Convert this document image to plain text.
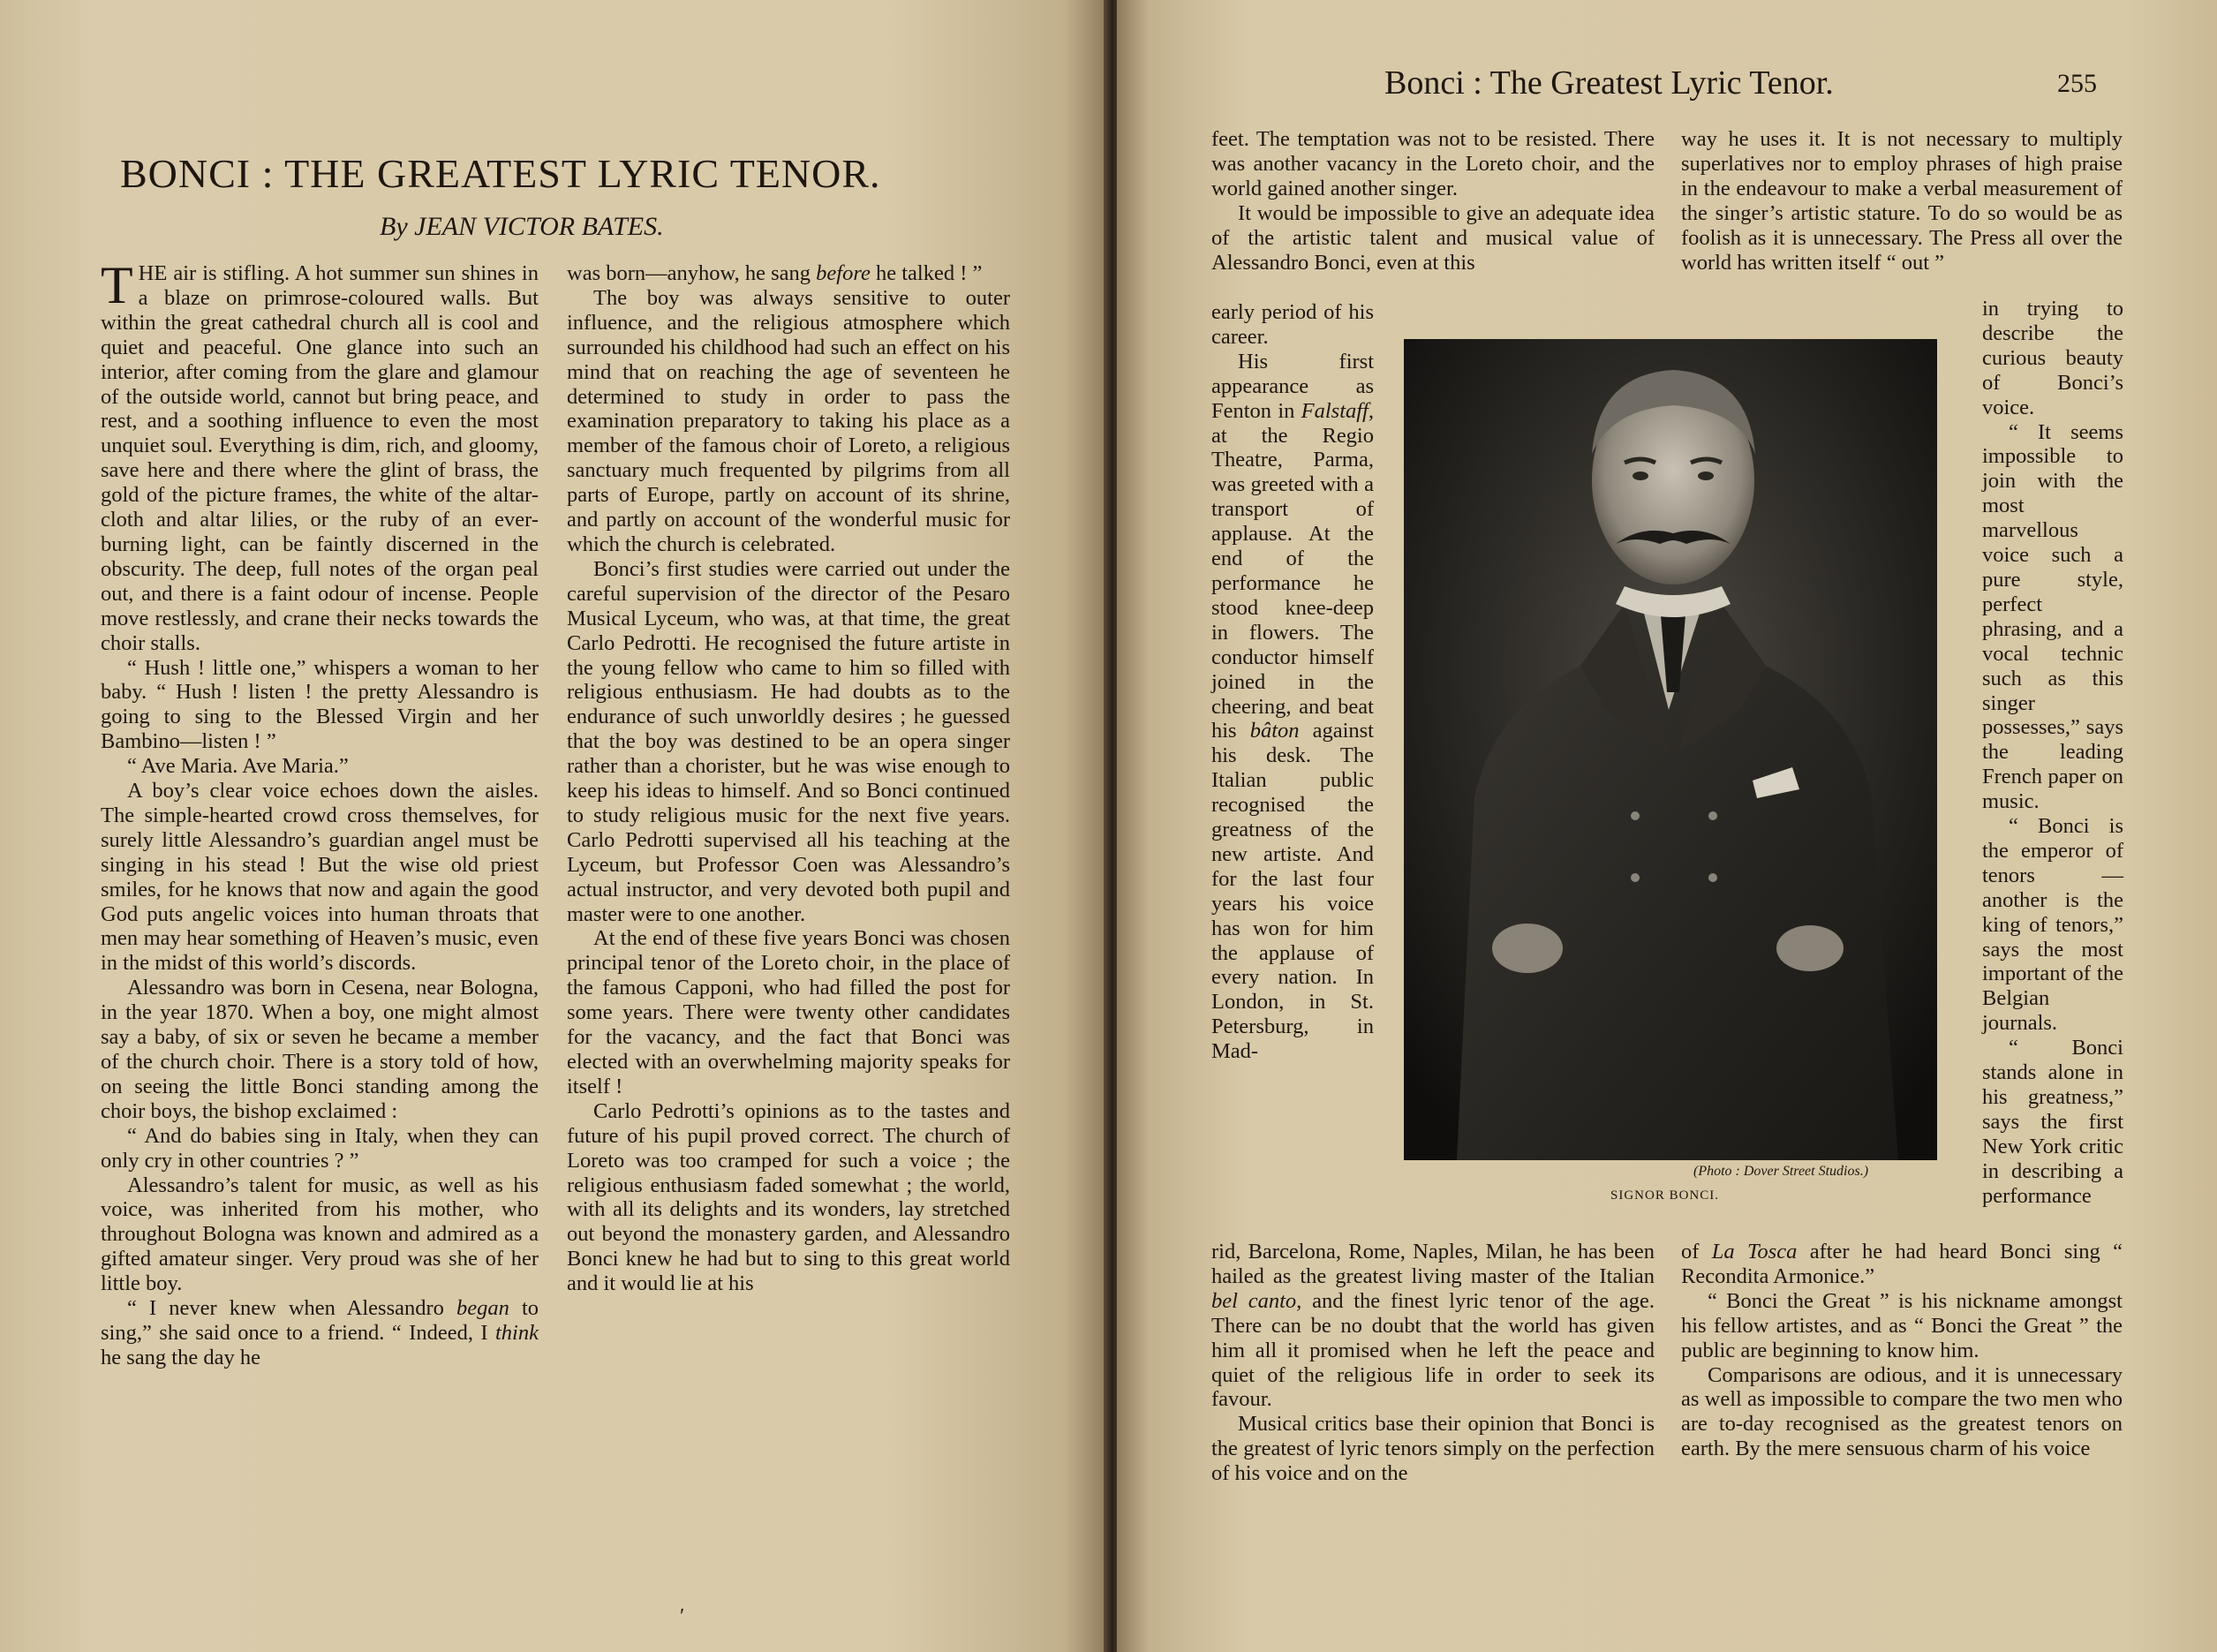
BONCI : THE GREATEST LYRIC TENOR.
By JEAN VICTOR BATES.

THE air is stifling. A hot summer sun shines in a blaze on primrose-coloured walls. But within the great cathedral church all is cool and quiet and peaceful. One glance into such an interior, after coming from the glare and glamour of the outside world, cannot but bring peace, and rest, and a soothing influence to even the most unquiet soul. Everything is dim, rich, and gloomy, save here and there where the glint of brass, the gold of the picture frames, the white of the altar-cloth and altar lilies, or the ruby of an ever-burning light, can be faintly discerned in the obscurity. The deep, full notes of the organ peal out, and there is a faint odour of incense. People move restlessly, and crane their necks towards the choir stalls.

“ Hush ! little one,” whispers a woman to her baby. “ Hush ! listen ! the pretty Alessandro is going to sing to the Blessed Virgin and her Bambino—listen ! ”

“ Ave Maria. Ave Maria.”

A boy’s clear voice echoes down the aisles. The simple-hearted crowd cross themselves, for surely little Alessandro’s guardian angel must be singing in his stead ! But the wise old priest smiles, for he knows that now and again the good God puts angelic voices into human throats that men may hear something of Heaven’s music, even in the midst of this world’s discords.

Alessandro was born in Cesena, near Bologna, in the year 1870. When a boy, one might almost say a baby, of six or seven he became a member of the church choir. There is a story told of how, on seeing the little Bonci standing among the choir boys, the bishop exclaimed :

“ And do babies sing in Italy, when they can only cry in other countries ? ”

Alessandro’s talent for music, as well as his voice, was inherited from his mother, who throughout Bologna was known and admired as a gifted amateur singer. Very proud was she of her little boy.

“ I never knew when Alessandro began to sing,” she said once to a friend. “ Indeed, I think he sang the day he

was born—anyhow, he sang before he talked ! ”

The boy was always sensitive to outer influence, and the religious atmosphere which surrounded his childhood had such an effect on his mind that on reaching the age of seventeen he determined to study in order to pass the examination preparatory to taking his place as a member of the famous choir of Loreto, a religious sanctuary much frequented by pilgrims from all parts of Europe, partly on account of its shrine, and partly on account of the wonderful music for which the church is celebrated.

Bonci’s first studies were carried out under the careful supervision of the director of the Pesaro Musical Lyceum, who was, at that time, the great Carlo Pedrotti. He recognised the future artiste in the young fellow who came to him so filled with religious enthusiasm. He had doubts as to the endurance of such unworldly desires ; he guessed that the boy was destined to be an opera singer rather than a chorister, but he was wise enough to keep his ideas to himself. And so Bonci continued to study religious music for the next five years. Carlo Pedrotti supervised all his teaching at the Lyceum, but Professor Coen was Alessandro’s actual instructor, and very devoted both pupil and master were to one another.

At the end of these five years Bonci was chosen principal tenor of the Loreto choir, in the place of the famous Capponi, who had filled the post for some years. There were twenty other candidates for the vacancy, and the fact that Bonci was elected with an overwhelming majority speaks for itself !

Carlo Pedrotti’s opinions as to the tastes and future of his pupil proved correct. The church of Loreto was too cramped for such a voice ; the religious enthusiasm faded somewhat ; the world, with all its delights and its wonders, lay stretched out beyond the monastery garden, and Alessandro Bonci knew he had but to sing to this great world and it would lie at his

′
Bonci : The Greatest Lyric Tenor.	255

feet. The temptation was not to be resisted. There was another vacancy in the Loreto choir, and the world gained another singer.

It would be impossible to give an adequate idea of the artistic talent and musical value of Alessandro Bonci, even at this

early period of his career.

His first appearance as Fenton in Falstaff, at the Regio Theatre, Parma, was greeted with a transport of applause. At the end of the performance he stood knee-deep in flowers. The conductor himself joined in the cheering, and beat his bâton against his desk. The Italian public recognised the greatness of the new artiste. And for the last four years his voice has won for him the applause of every nation. In London, in St. Petersburg, in Mad-

rid, Barcelona, Rome, Naples, Milan, he has been hailed as the greatest living master of the Italian bel canto, and the finest lyric tenor of the age. There can be no doubt that the world has given him all it promised when he left the peace and quiet of the religious life in order to seek its favour.

Musical critics base their opinion that Bonci is the greatest of lyric tenors simply on the perfection of his voice and on the

way he uses it. It is not necessary to multiply superlatives nor to employ phrases of high praise in the endeavour to make a verbal measurement of the singer’s artistic stature. To do so would be as foolish as it is unnecessary. The Press all over the world has written itself “ out ”

in trying to describe the curious beauty of Bonci’s voice.

“ It seems impossible to join with the most marvellous voice such a pure style, perfect phrasing, and a vocal technic such as this singer possesses,” says the leading French paper on music.

“ Bonci is the emperor of tenors —another is the king of tenors,” says the most important of the Belgian journals.

“ Bonci stands alone in his greatness,” says the first New York critic in describing a performance

of La Tosca after he had heard Bonci sing “ Recondita Armonice.”

“ Bonci the Great ” is his nickname amongst his fellow artistes, and as “ Bonci the Great ” the public are beginning to know him.

Comparisons are odious, and it is unnecessary as well as impossible to compare the two men who are to-day recognised as the greatest tenors on earth. By the mere sensuous charm of his voice

(Photo : Dover Street Studios.)
SIGNOR BONCI.
